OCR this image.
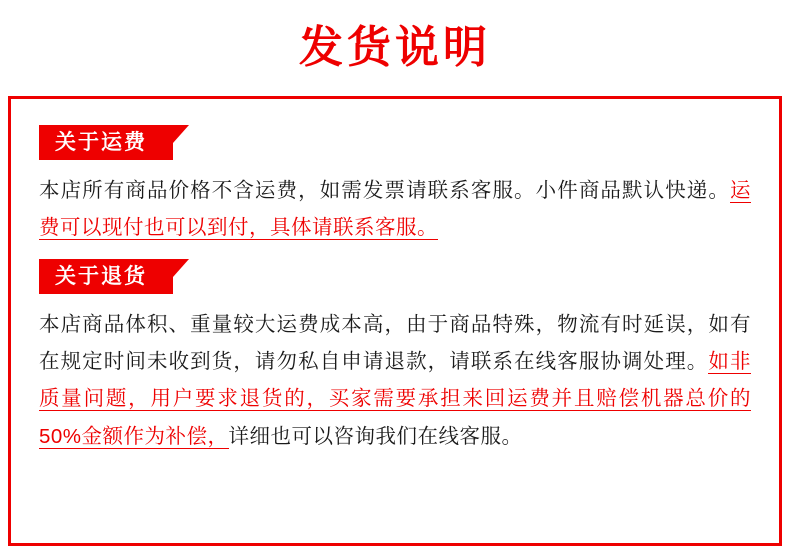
发货说明
关于运费
本店所有商品价格不含运费，如需发票请联系客服。小件商品默认快递。运费可以现付也可以到付，具体请联系客服。
关于退货
本店商品体积、重量较大运费成本高，由于商品特殊，物流有时延误，如有在规定时间未收到货，请勿私自申请退款，请联系在线客服协调处理。如非质量问题，用户要求退货的，买家需要承担来回运费并且赔偿机器总价的50%金额作为补偿，详细也可以咨询我们在线客服。
